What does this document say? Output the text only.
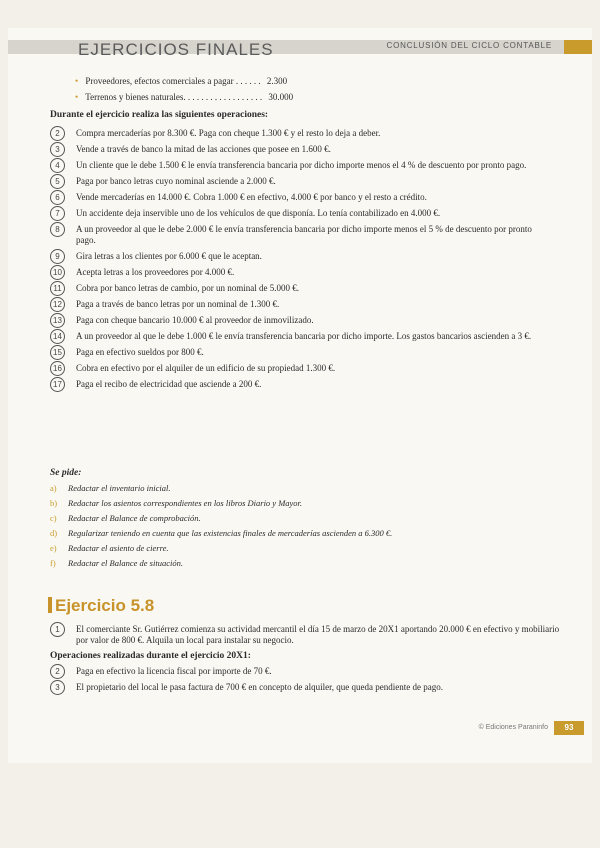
CONCLUSIÓN DEL CICLO CONTABLE
EJERCICIOS FINALES
• Proveedores, efectos comerciales a pagar . . . . . . 2.300
• Terrenos y bienes naturales. . . . . . . . . . . . . . . . . . 30.000
Durante el ejercicio realiza las siguientes operaciones:
2	Compra mercaderías por 8.300 €. Paga con cheque 1.300 € y el resto lo deja a deber.
3	Vende a través de banco la mitad de las acciones que posee en 1.600 €.
4	Un cliente que le debe 1.500 € le envía transferencia bancaria por dicho importe menos el 4 % de descuento por pronto pago.
5	Paga por banco letras cuyo nominal asciende a 2.000 €.
6	Vende mercaderías en 14.000 €. Cobra 1.000 € en efectivo, 4.000 € por banco y el resto a crédito.
7	Un accidente deja inservible uno de los vehículos de que disponía. Lo tenía contabilizado en 4.000 €.
8	A un proveedor al que le debe 2.000 € le envía transferencia bancaria por dicho importe menos el 5 % de descuento por pronto pago.
9	Gira letras a los clientes por 6.000 € que le aceptan.
10	Acepta letras a los proveedores por 4.000 €.
11	Cobra por banco letras de cambio, por un nominal de 5.000 €.
12	Paga a través de banco letras por un nominal de 1.300 €.
13	Paga con cheque bancario 10.000 € al proveedor de inmovilizado.
14	A un proveedor al que le debe 1.000 € le envía transferencia bancaria por dicho importe. Los gastos bancarios ascienden a 3 €.
15	Paga en efectivo sueldos por 800 €.
16	Cobra en efectivo por el alquiler de un edificio de su propiedad 1.300 €.
17	Paga el recibo de electricidad que asciende a 200 €.
Se pide:
a) Redactar el inventario inicial.
b) Redactar los asientos correspondientes en los libros Diario y Mayor.
c) Redactar el Balance de comprobación.
d) Regularizar teniendo en cuenta que las existencias finales de mercaderías ascienden a 6.300 €.
e) Redactar el asiento de cierre.
f) Redactar el Balance de situación.
Ejercicio 5.8
1	El comerciante Sr. Gutiérrez comienza su actividad mercantil el día 15 de marzo de 20X1 aportando 20.000 € en efectivo y mobiliario por valor de 800 €. Alquila un local para instalar su negocio.
Operaciones realizadas durante el ejercicio 20X1:
2	Paga en efectivo la licencia fiscal por importe de 70 €.
3	El propietario del local le pasa factura de 700 € en concepto de alquiler, que queda pendiente de pago.
© Ediciones Paraninfo	93
